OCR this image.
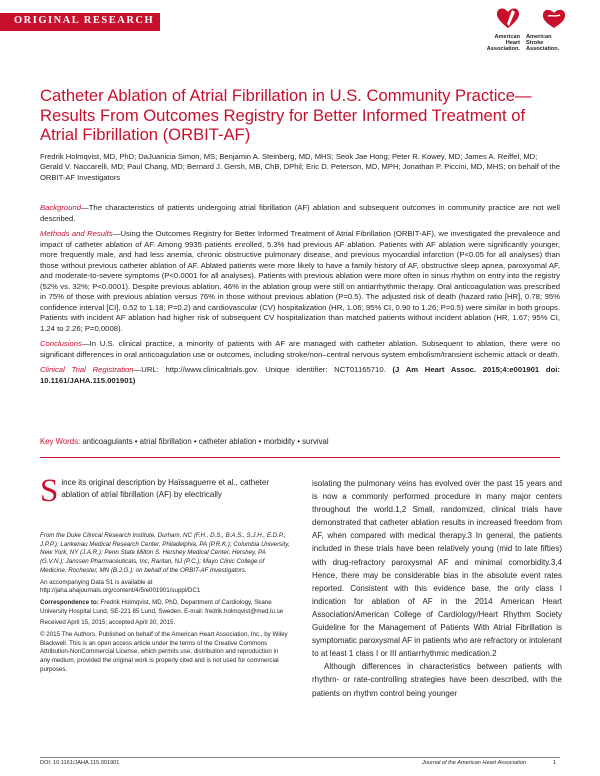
ORIGINAL RESEARCH
American Heart Association.
American Stroke Association.
Catheter Ablation of Atrial Fibrillation in U.S. Community Practice—Results From Outcomes Registry for Better Informed Treatment of Atrial Fibrillation (ORBIT-AF)
Fredrik Holmqvist, MD, PhD; DaJuanicia Simon, MS; Benjamin A. Steinberg, MD, MHS; Seok Jae Hong; Peter R. Kowey, MD; James A. Reiffel, MD; Gerald V. Naccarelli, MD; Paul Chang, MD; Bernard J. Gersh, MB, ChB, DPhil; Eric D. Peterson, MD, MPH; Jonathan P. Piccini, MD, MHS; on behalf of the ORBIT-AF Investigators

Background—The characteristics of patients undergoing atrial fibrillation (AF) ablation and subsequent outcomes in community practice are not well described.

Methods and Results—Using the Outcomes Registry for Better Informed Treatment of Atrial Fibrillation (ORBIT-AF), we investigated the prevalence and impact of catheter ablation of AF. Among 9935 patients enrolled, 5.3% had previous AF ablation. Patients with AF ablation were significantly younger, more frequently male, and had less anemia, chronic obstructive pulmonary disease, and previous myocardial infarction (P<0.05 for all analyses) than those without previous catheter ablation of AF. Ablated patients were more likely to have a family history of AF, obstructive sleep apnea, paroxysmal AF, and moderate-to-severe symptoms (P<0.0001 for all analyses). Patients with previous ablation were more often in sinus rhythm on entry into the registry (52% vs. 32%; P<0.0001). Despite previous ablation, 46% in the ablation group were still on antiarrhythmic therapy. Oral anticoagulation was prescribed in 75% of those with previous ablation versus 76% in those without previous ablation (P=0.5). The adjusted risk of death (hazard ratio [HR], 0.78; 95% confidence interval [CI], 0.52 to 1.18; P=0.2) and cardiovascular (CV) hospitalization (HR, 1.06; 95% CI, 0.90 to 1.26; P=0.5) were similar in both groups. Patients with incident AF ablation had higher risk of subsequent CV hospitalization than matched patients without incident ablation (HR, 1.67; 95% CI, 1.24 to 2.26; P=0.0008).

Conclusions—In U.S. clinical practice, a minority of patients with AF are managed with catheter ablation. Subsequent to ablation, there were no significant differences in oral anticoagulation use or outcomes, including stroke/non–central nervous system embolism/transient ischemic attack or death.

Clinical Trial Registration—URL: http://www.clinicaltrials.gov. Unique identifier: NCT01165710. (J Am Heart Assoc. 2015;4:e001901 doi: 10.1161/JAHA.115.001901)

Key Words: anticoagulants • atrial fibrillation • catheter ablation • morbidity • survival
Since its original description by Haïssaguerre et al., catheter ablation of atrial fibrillation (AF) by electrically

From the Duke Clinical Research Institute, Durham, NC (F.H., D.S., B.A.S., S.J.H., E.D.P., J.P.P.); Lankenau Medical Research Center, Philadelphia, PA (P.R.K.); Columbia University, New York, NY (J.A.R.); Penn State Milton S. Hershey Medical Center, Hershey, PA (G.V.N.); Janssen Pharmaceuticals, Inc, Raritan, NJ (P.C.); Mayo Clinic College of Medicine, Rochester, MN (B.J.G.); on behalf of the ORBIT-AF Investigators.

An accompanying Data S1 is available at http://jaha.ahajournals.org/content/4/5/e001901/suppl/DC1

Correspondence to: Fredrik Holmqvist, MD, PhD, Department of Cardiology, Skane University Hospital Lund, SE-221 85 Lund, Sweden. E-mail: fredrik.holmqvist@med.lu.se

Received April 15, 2015; accepted April 30, 2015.

© 2015 The Authors. Published on behalf of the American Heart Association, Inc., by Wiley Blackwell. This is an open access article under the terms of the Creative Commons Attribution-NonCommercial License, which permits use, distribution and reproduction in any medium, provided the original work is properly cited and is not used for commercial purposes.

isolating the pulmonary veins has evolved over the past 15 years and is now a commonly performed procedure in many major centers throughout the world.1,2 Small, randomized, clinical trials have demonstrated that catheter ablation results in increased freedom from AF, when compared with medical therapy.3 In general, the patients included in these trials have been relatively young (mid to late fifties) with drug-refractory paroxysmal AF and minimal comorbidity.3,4 Hence, there may be considerable bias in the absolute event rates reported. Consistent with this evidence base, the only class I indication for ablation of AF in the 2014 American Heart Association/American College of Cardiology/Heart Rhythm Society Guideline for the Management of Patients With Atrial Fibrillation is symptomatic paroxysmal AF in patients who are refractory or intolerant to at least 1 class I or III antiarrhythmic medication.2

Although differences in characteristics between patients with rhythm- or rate-controlling strategies have been described, with the patients on rhythm control being younger

DOI: 10.1161/JAHA.115.001901	Journal of the American Heart Association	1
